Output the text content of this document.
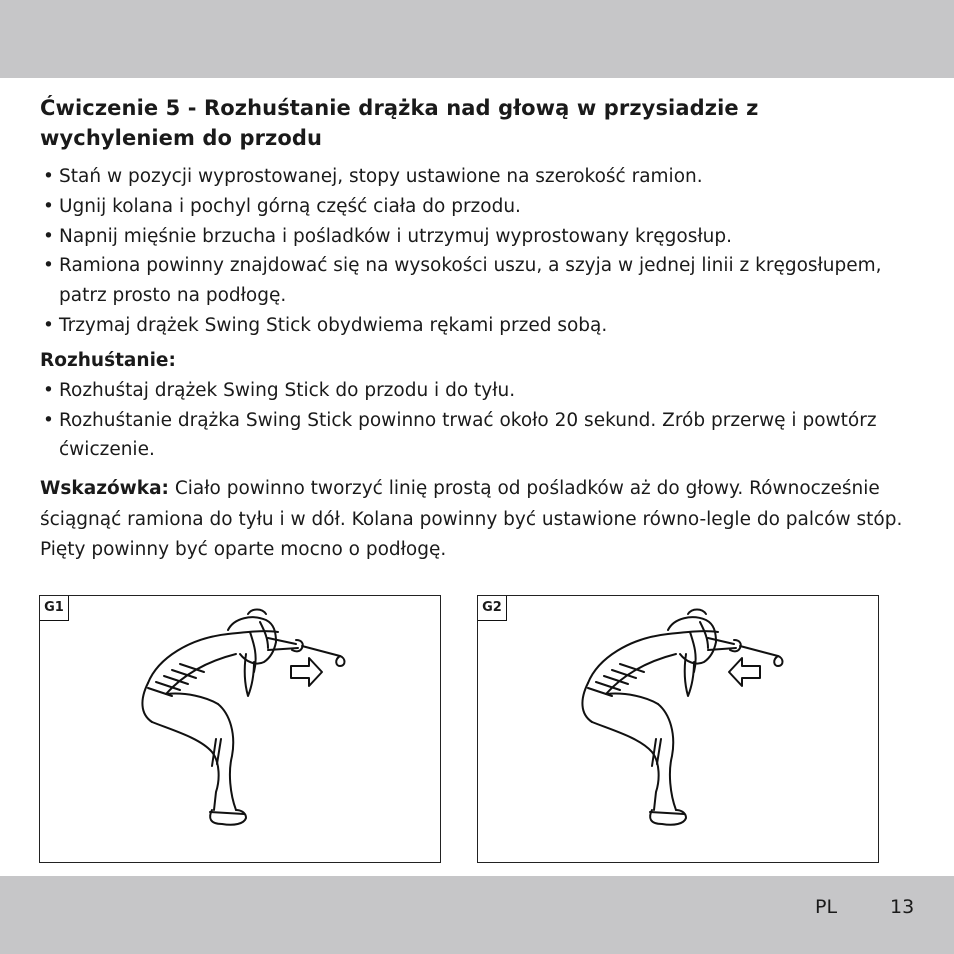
Ćwiczenie 5 - Rozhuśtanie drążka nad głową w przysiadzie z wychyleniem do przodu
• Stań w pozycji wyprostowanej, stopy ustawione na szerokość ramion.
• Ugnij kolana i pochyl górną część ciała do przodu.
• Napnij mięśnie brzucha i pośladków i utrzymuj wyprostowany kręgosłup.
• Ramiona powinny znajdować się na wysokości uszu, a szyja w jednej linii z kręgosłupem, patrz prosto na podłogę.
• Trzymaj drążek Swing Stick obydwiema rękami przed sobą.
Rozhuśtanie:
• Rozhuśtaj drążek Swing Stick do przodu i do tyłu.
• Rozhuśtanie drążka Swing Stick powinno trwać około 20 sekund. Zrób przerwę i powtórz ćwiczenie.

Wskazówka: Ciało powinno tworzyć linię prostą od pośladków aż do głowy. Równocześnie ściągnąć ramiona do tyłu i w dół. Kolana powinny być ustawione równo-legle do palców stóp. Pięty powinny być oparte mocno o podłogę.

G1	G2
PL	13
